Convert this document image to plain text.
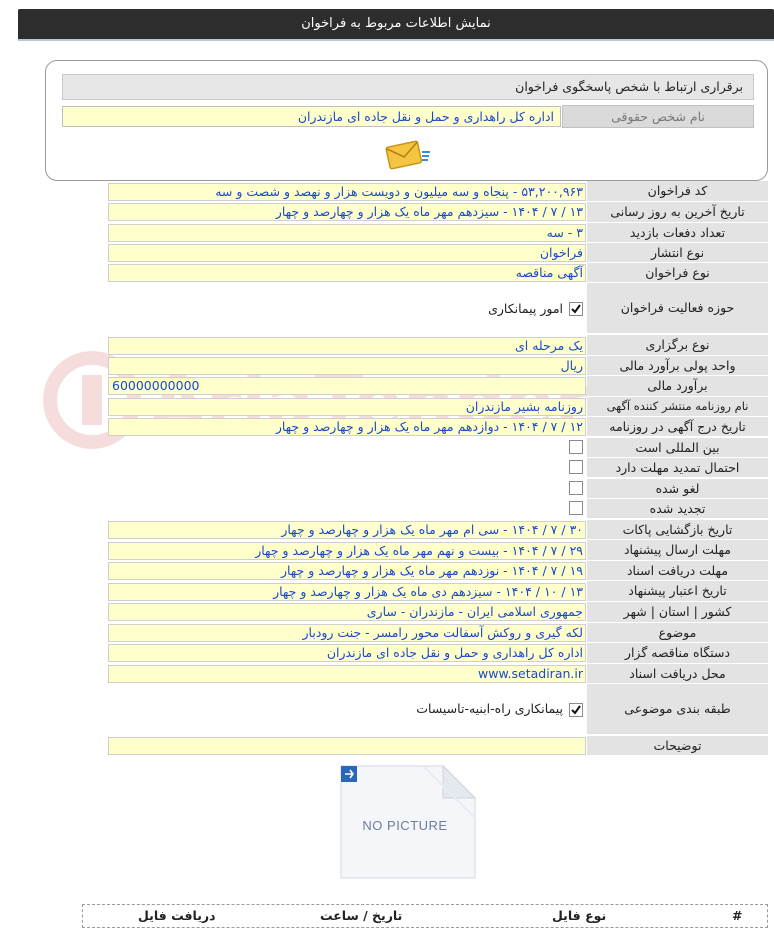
نمایش اطلاعات مربوط به فراخوان
برقراری ارتباط با شخص پاسخگوی فراخوان
نام شخص حقوقی
اداره کل راهداری و حمل و نقل جاده ای مازندران
کد فراخوان
۵۳,۲۰۰,۹۶۳ - پنجاه و سه میلیون و دویست هزار و نهصد و شصت و سه
تاریخ آخرین به روز رسانی
۱۳ / ۷ / ۱۴۰۴ - سیزدهم مهر ماه یک هزار و چهارصد و چهار
تعداد دفعات بازدید
۳ - سه
نوع انتشار
فراخوان
نوع فراخوان
آگهی مناقصه
حوزه فعالیت فراخوان
امور پیمانکاری
نوع برگزاری
یک مرحله ای
واحد پولی برآورد مالی
ریال
برآورد مالی
60000000000
نام روزنامه منتشر کننده آگهی
روزنامه بشیر مازندران
تاریخ درج آگهی در روزنامه
۱۲ / ۷ / ۱۴۰۴ - دوازدهم مهر ماه یک هزار و چهارصد و چهار
بین المللی است
احتمال تمدید مهلت دارد
لغو شده
تجدید شده
تاریخ بازگشایی پاکات
۳۰ / ۷ / ۱۴۰۴ - سی ام مهر ماه یک هزار و چهارصد و چهار
مهلت ارسال پیشنهاد
۲۹ / ۷ / ۱۴۰۴ - بیست و نهم مهر ماه یک هزار و چهارصد و چهار
مهلت دریافت اسناد
۱۹ / ۷ / ۱۴۰۴ - نوزدهم مهر ماه یک هزار و چهارصد و چهار
تاریخ اعتبار پیشنهاد
۱۳ / ۱۰ / ۱۴۰۴ - سیزدهم دی ماه یک هزار و چهارصد و چهار
کشور | استان | شهر
جمهوری اسلامی ایران - مازندران - ساری
موضوع
لکه گیری و روکش آسفالت محور رامسر - جنت رودبار
دستگاه مناقصه گزار
اداره کل راهداری و حمل و نقل جاده ای مازندران
محل دریافت اسناد
www.setadiran.ir
طبقه بندی موضوعی
پیمانکاری راه-ابنیه-تاسیسات
توضیحات
NO PICTURE
#
نوع فایل
تاریخ / ساعت
دریافت فایل
